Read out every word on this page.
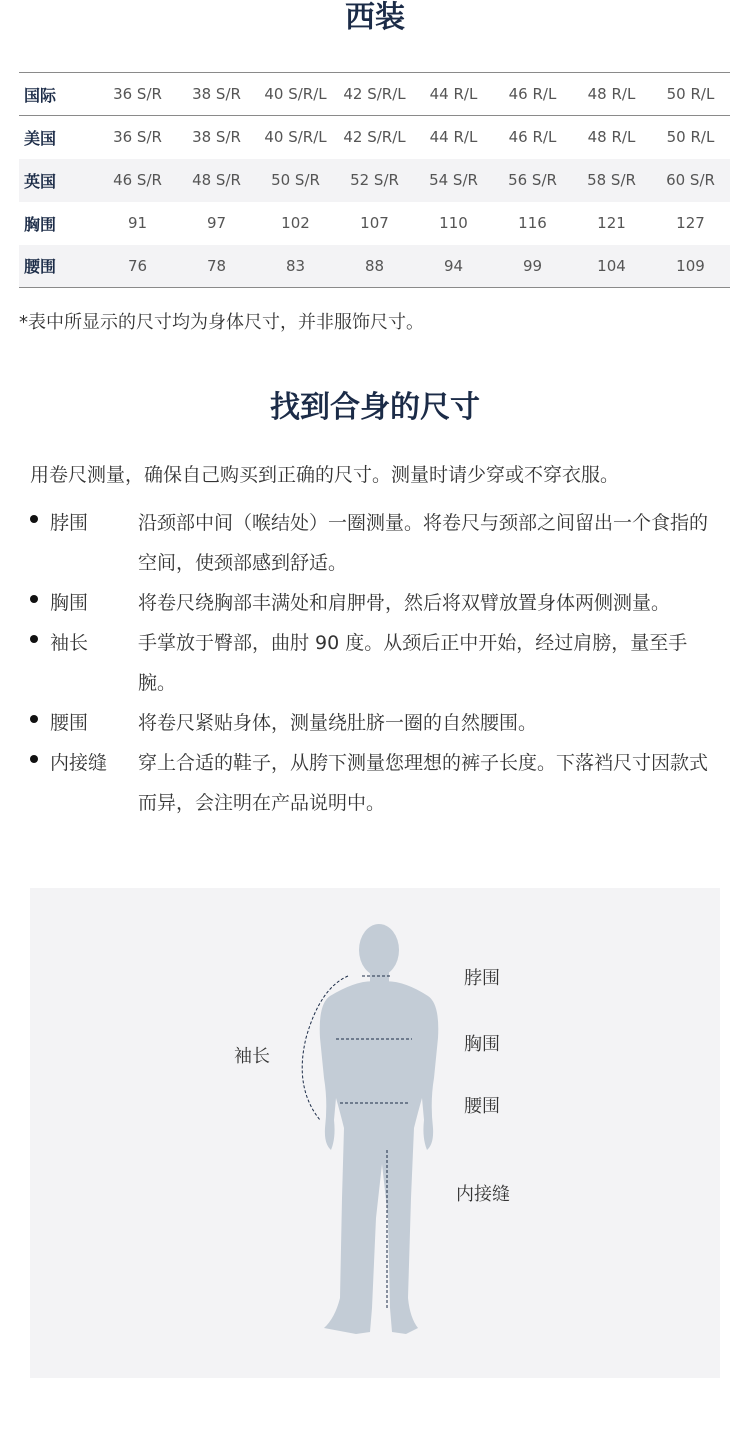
西装
国际	36 S/R	38 S/R	40 S/R/L	42 S/R/L	44 R/L	46 R/L	48 R/L	50 R/L
美国	36 S/R	38 S/R	40 S/R/L	42 S/R/L	44 R/L	46 R/L	48 R/L	50 R/L
英国	46 S/R	48 S/R	50 S/R	52 S/R	54 S/R	56 S/R	58 S/R	60 S/R
胸围	91	97	102	107	110	116	121	127
腰围	76	78	83	88	94	99	104	109

*表中所显示的尺寸均为身体尺寸，并非服饰尺寸。

找到合身的尺寸

用卷尺测量，确保自己购买到正确的尺寸。测量时请少穿或不穿衣服。

脖围	沿颈部中间（喉结处）一圈测量。将卷尺与颈部之间留出一个食指的空间，使颈部感到舒适。
胸围	将卷尺绕胸部丰满处和肩胛骨，然后将双臂放置身体两侧测量。
袖长	手掌放于臀部，曲肘 90 度。从颈后正中开始，经过肩膀，量至手腕。
腰围	将卷尺紧贴身体，测量绕肚脐一圈的自然腰围。
内接缝	穿上合适的鞋子，从胯下测量您理想的裤子长度。下落裆尺寸因款式而异，会注明在产品说明中。
脖围
胸围
腰围
内接缝
袖长
